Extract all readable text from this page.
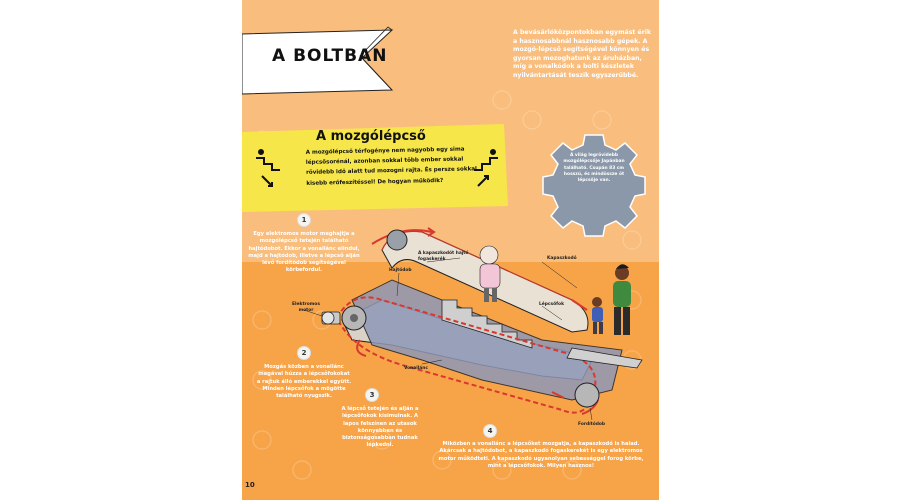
A BOLTBAN
A bevásárlóközpontokban egymást érik a hasznosabbnál hasznosabb gépek. A mozgó-lépcső segítségével könnyen és gyorsan mozoghatunk az áruházban, míg a vonalkódok a bolti készletek nyilvántartását teszik egyszerűbbé.
A mozgólépcső
A mozgólépcső térfogénye nem nagyobb egy sima lépcsősorénál, azonban sokkal több ember sokkal rövidebb idő alatt tud mozogni rajta. És persze sokkal kisebb erőfeszítéssel! De hogyan működik?
A világ legrövidebb mozgólépcsője Japánban található. Csupán 83 cm hosszú, és mindössze öt lépcsője van.
A kapaszkodót hajtó fogaskerék	Kapaszkodó
Hajtódob
Lépcsőfok
Elektromos motor
Vonallánc
Fordítódob
1
Egy elektromos motor meghajtja a mozgólépcső tetején található hajtódobot. Ekkor a vonallánc elindul, majd a hajtódob, illetve a lépcső alján lévő fordítódob segítségével körbefordul.
2
Mozgás közben a vonallánc magával húzza a lépcsőfokokat a rajtuk álló emberekkel együtt. Minden lépcsőfok a mögötte található nyugszik.	3
A lépcső tetején és alján a lépcsőfokok kisimulnak. A lapos felszínen az utasok könnyebben és biztonságosabban tudnak lépkedni.
4
Miközben a vonallánc a lépcsőket mozgatja, a kapaszkodó is halad. Akárcsak a hajtódobot, a kapaszkodó fogaskerekét is egy elektromos motor működteti. A kapaszkodó ugyanolyan sebességgel forog körbe, mint a lépcsőfokok. Milyen hasznos!
10
